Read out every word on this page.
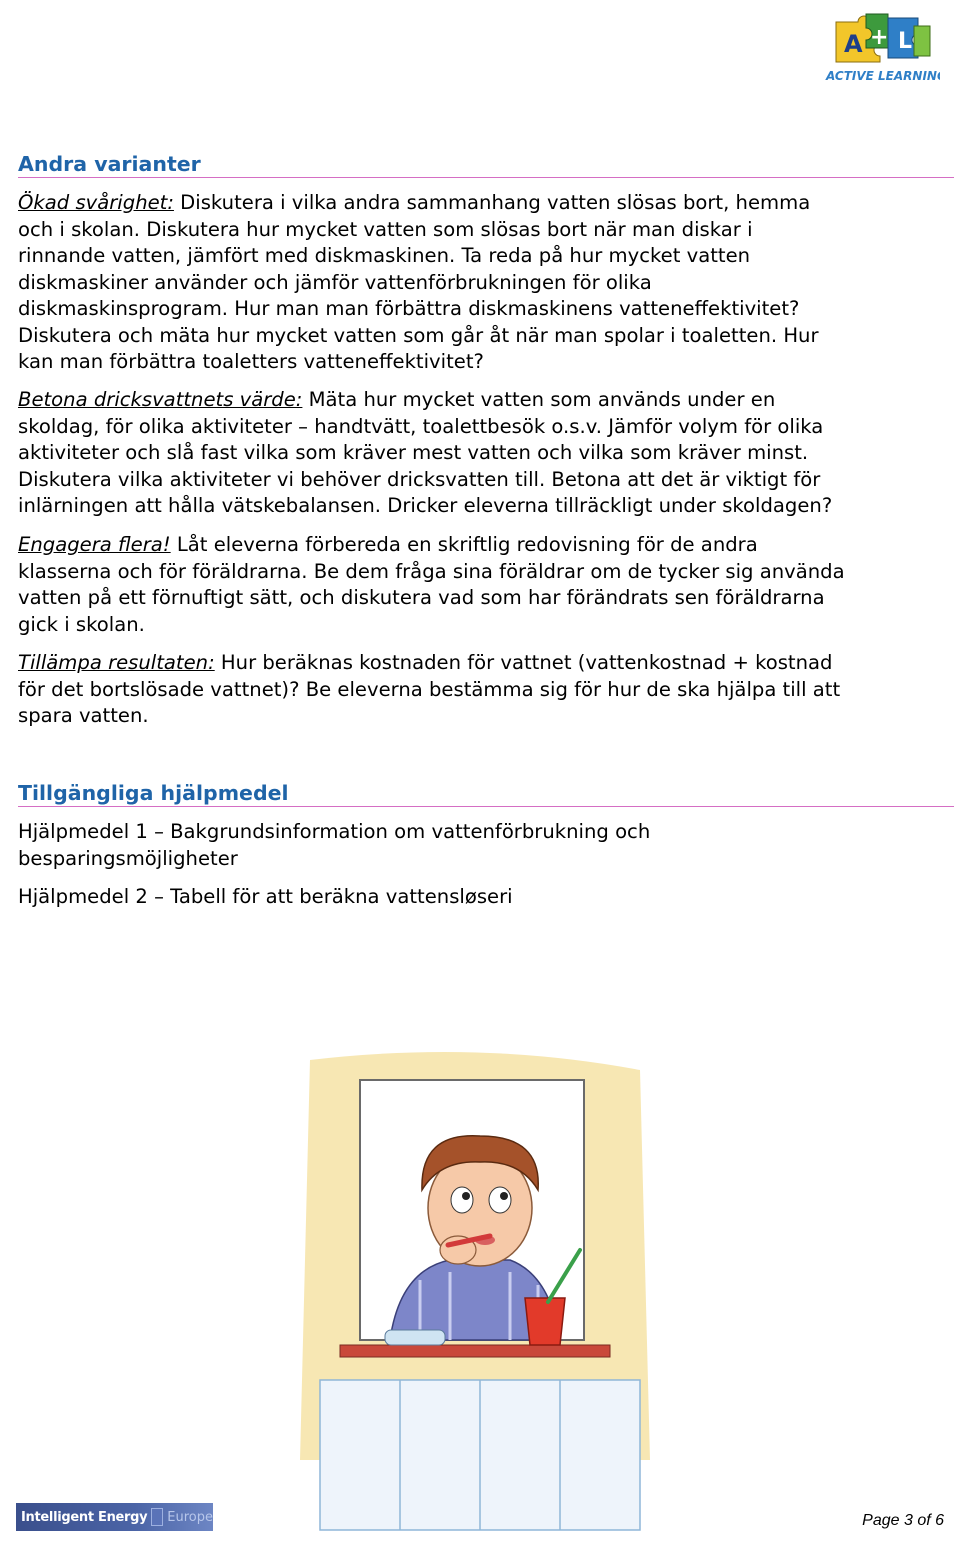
A + L
ACTIVE LEARNING
Andra varianter
Ökad svårighet: Diskutera i vilka andra sammanhang vatten slösas bort, hemma
och i skolan. Diskutera hur mycket vatten som slösas bort när man diskar i
rinnande vatten, jämfört med diskmaskinen. Ta reda på hur mycket vatten
diskmaskiner använder och jämför vattenförbrukningen för olika
diskmaskinsprogram. Hur man man förbättra diskmaskinens vatteneffektivitet?
Diskutera och mäta hur mycket vatten som går åt när man spolar i toaletten. Hur
kan man förbättra toaletters vatteneffektivitet?
Betona dricksvattnets värde: Mäta hur mycket vatten som används under en
skoldag, för olika aktiviteter – handtvätt, toalettbesök o.s.v. Jämför volym för olika
aktiviteter och slå fast vilka som kräver mest vatten och vilka som kräver minst.
Diskutera vilka aktiviteter vi behöver dricksvatten till. Betona att det är viktigt för
inlärningen att hålla vätskebalansen. Dricker eleverna tillräckligt under skoldagen?
Engagera flera! Låt eleverna förbereda en skriftlig redovisning för de andra
klasserna och för föräldrarna. Be dem fråga sina föräldrar om de tycker sig använda
vatten på ett förnuftigt sätt, och diskutera vad som har förändrats sen föräldrarna
gick i skolan.
Tillämpa resultaten: Hur beräknas kostnaden för vattnet (vattenkostnad + kostnad
för det bortslösade vattnet)? Be eleverna bestämma sig för hur de ska hjälpa till att
spara vatten.
Tillgängliga hjälpmedel
Hjälpmedel 1 – Bakgrundsinformation om vattenförbrukning och
besparingsmöjligheter
Hjälpmedel 2 – Tabell för att beräkna vattensløseri
Intelligent Energy	Europe	Page 3 of 6
